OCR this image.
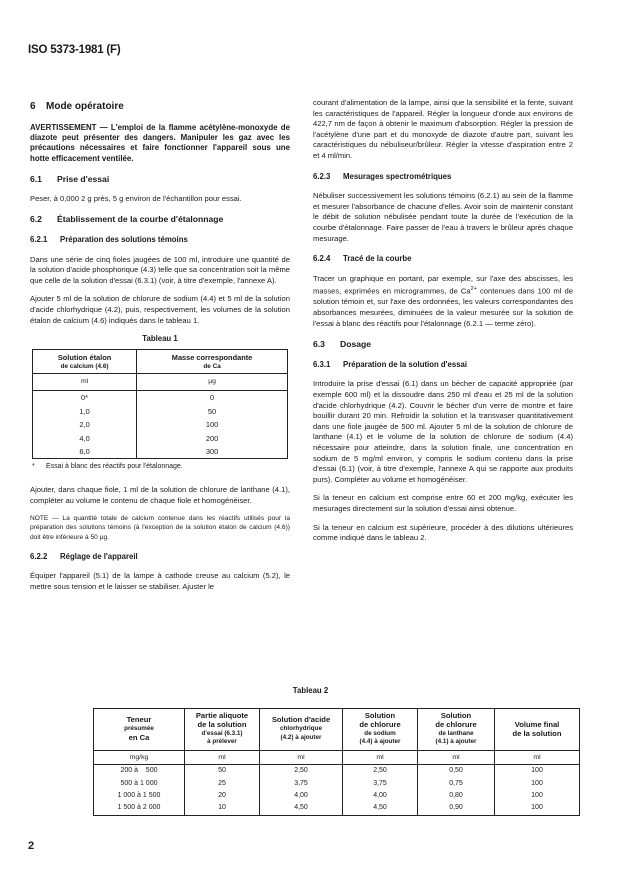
ISO 5373-1981 (F)
6 Mode opératoire

AVERTISSEMENT — L'emploi de la flamme acétylène-monoxyde de diazote peut présenter des dangers. Manipuler les gaz avec les précautions nécessaires et faire fonctionner l'appareil sous une hotte efficacement ventilée.

6.1 Prise d'essai

Peser, à 0,000 2 g près, 5 g environ de l'échantillon pour essai.

6.2 Établissement de la courbe d'étalonnage
6.2.1 Préparation des solutions témoins

Dans une série de cinq fioles jaugées de 100 ml, introduire une quantité de la solution d'acide phosphorique (4.3) telle que sa concentration soit la même que celle de la solution d'essai (6.3.1) (voir, à titre d'exemple, l'annexe A).

Ajouter 5 ml de la solution de chlorure de sodium (4.4) et 5 ml de la solution d'acide chlorhydrique (4.2), puis, respectivement, les volumes de la solution étalon de calcium (4.6) indiqués dans le tableau 1.

Tableau 1
Solution étalon
de calcium (4.6)	Masse correspondante
de Ca

ml	µg
0*	0
1,0	50
2,0	100
4,0	200
6,0	300
* Essai à blanc des réactifs pour l'étalonnage.

Ajouter, dans chaque fiole, 1 ml de la solution de chlorure de lanthane (4.1), compléter au volume le contenu de chaque fiole et homogénéiser.

NOTE — La quantité totale de calcium contenue dans les réactifs utilisés pour la préparation des solutions témoins (à l'exception de la solution étalon de calcium (4.6)) doit être inférieure à 50 µg.

6.2.2 Réglage de l'appareil

Équiper l'appareil (5.1) de la lampe à cathode creuse au calcium (5.2), le mettre sous tension et le laisser se stabiliser. Ajuster le

courant d'alimentation de la lampe, ainsi que la sensibilité et la fente, suivant les caractéristiques de l'appareil. Régler la longueur d'onde aux environs de 422,7 nm de façon à obtenir le maximum d'absorption. Régler la pression de l'acétylène d'une part et du monoxyde de diazote d'autre part, suivant les caractéristiques du nébuliseur/brûleur. Régler la vitesse d'aspiration entre 2 et 4 ml/min.

6.2.3 Mesurages spectrométriques

Nébuliser successivement les solutions témoins (6.2.1) au sein de la flamme et mesurer l'absorbance de chacune d'elles. Avoir soin de maintenir constant le débit de solution nébulisée pendant toute la durée de l'exécution de la courbe d'étalonnage. Faire passer de l'eau à travers le brûleur après chaque mesurage.

6.2.4 Tracé de la courbe

Tracer un graphique en portant, par exemple, sur l'axe des abscisses, les masses, exprimées en microgrammes, de $Ca^{2+}$ contenues dans 100 ml de solution témoin et, sur l'axe des ordonnées, les valeurs correspondantes des absorbances mesurées, diminuées de la valeur mesurée sur la solution de l'essai à blanc des réactifs pour l'étalonnage (6.2.1 — terme zéro).

6.3 Dosage
6.3.1 Préparation de la solution d'essai

Introduire la prise d'essai (6.1) dans un bécher de capacité appropriée (par exemple 600 ml) et la dissoudre dans 250 ml d'eau et 25 ml de la solution d'acide chlorhydrique (4.2). Couvrir le bécher d'un verre de montre et faire bouillir durant 20 min. Refroidir la solution et la transvaser quantitativement dans une fiole jaugée de 500 ml. Ajouter 5 ml de la solution de chlorure de lanthane (4.1) et le volume de la solution de chlorure de sodium (4.4) nécessaire pour atteindre, dans la solution finale, une concentration en sodium de 5 mg/ml environ, y compris le sodium contenu dans la prise d'essai (6.1) (voir, à titre d'exemple, l'annexe A qui se rapporte aux produits purs). Compléter au volume et homogénéiser.

Si la teneur en calcium est comprise entre 60 et 200 mg/kg, exécuter les mesurages directement sur la solution d'essai ainsi obtenue.

Si la teneur en calcium est supérieure, procéder à des dilutions ultérieures comme indiqué dans le tableau 2.

Tableau 2
Teneur
présumée
en Ca	Partie aliquote
de la solution
d'essai (6.3.1)
à prélever	Solution d'acide
chlorhydrique
(4.2) à ajouter	Solution
de chlorure
de sodium
(4.4) à ajouter	Solution
de chlorure
de lanthane
(4.1) à ajouter	Volume final
de la solution

mg/kg	ml	ml	ml	ml	ml
200 à    500	50	2,50	2,50	0,50	100
500 à 1 000	25	3,75	3,75	0,75	100
1 000 à 1 500	20	4,00	4,00	0,80	100
1 500 à 2 000	10	4,50	4,50	0,90	100
2
